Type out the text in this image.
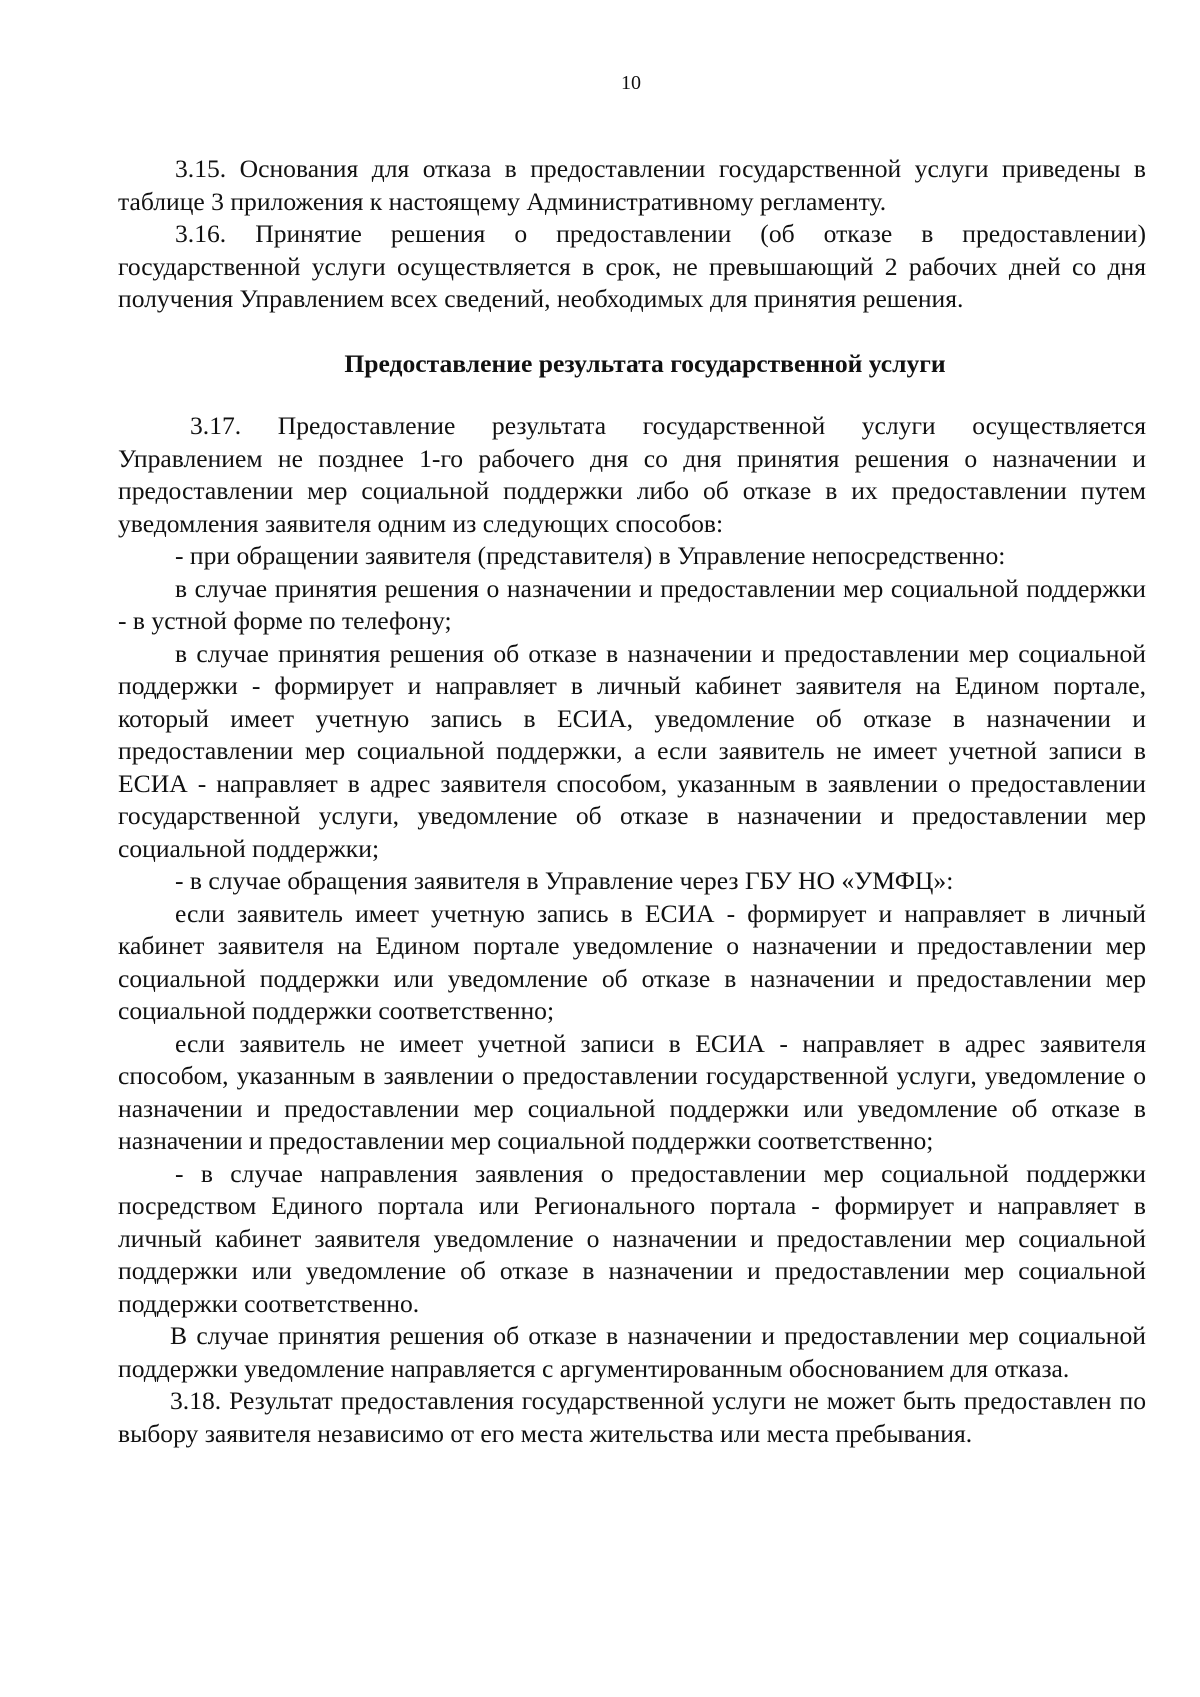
10

3.15. Основания для отказа в предоставлении государственной услуги приведены в таблице 3 приложения к настоящему Административному регламенту.

3.16. Принятие решения о предоставлении (об отказе в предоставлении) государственной услуги осуществляется в срок, не превышающий 2 рабочих дней со дня получения Управлением всех сведений, необходимых для принятия решения.

Предоставление результата государственной услуги

3.17. Предоставление результата государственной услуги осуществляется Управлением не позднее 1-го рабочего дня со дня принятия решения о назначении и предоставлении мер социальной поддержки либо об отказе в их предоставлении путем уведомления заявителя одним из следующих способов:

- при обращении заявителя (представителя) в Управление непосредственно:

в случае принятия решения о назначении и предоставлении мер социальной поддержки - в устной форме по телефону;

в случае принятия решения об отказе в назначении и предоставлении мер социальной поддержки - формирует и направляет в личный кабинет заявителя на Едином портале, который имеет учетную запись в ЕСИА, уведомление об отказе в назначении и предоставлении мер социальной поддержки, а если заявитель не имеет учетной записи в ЕСИА - направляет в адрес заявителя способом, указанным в заявлении о предоставлении государственной услуги, уведомление об отказе в назначении и предоставлении мер социальной поддержки;

- в случае обращения заявителя в Управление через ГБУ НО «УМФЦ»:

если заявитель имеет учетную запись в ЕСИА - формирует и направляет в личный кабинет заявителя на Едином портале уведомление о назначении и предоставлении мер социальной поддержки или уведомление об отказе в назначении и предоставлении мер социальной поддержки соответственно;

если заявитель не имеет учетной записи в ЕСИА - направляет в адрес заявителя способом, указанным в заявлении о предоставлении государственной услуги, уведомление о назначении и предоставлении мер социальной поддержки или уведомление об отказе в назначении и предоставлении мер социальной поддержки соответственно;

- в случае направления заявления о предоставлении мер социальной поддержки посредством Единого портала или Регионального портала - формирует и направляет в личный кабинет заявителя уведомление о назначении и предоставлении мер социальной поддержки или уведомление об отказе в назначении и предоставлении мер социальной поддержки соответственно.

В случае принятия решения об отказе в назначении и предоставлении мер социальной поддержки уведомление направляется с аргументированным обоснованием для отказа.

3.18. Результат предоставления государственной услуги не может быть предоставлен по выбору заявителя независимо от его места жительства или места пребывания.
